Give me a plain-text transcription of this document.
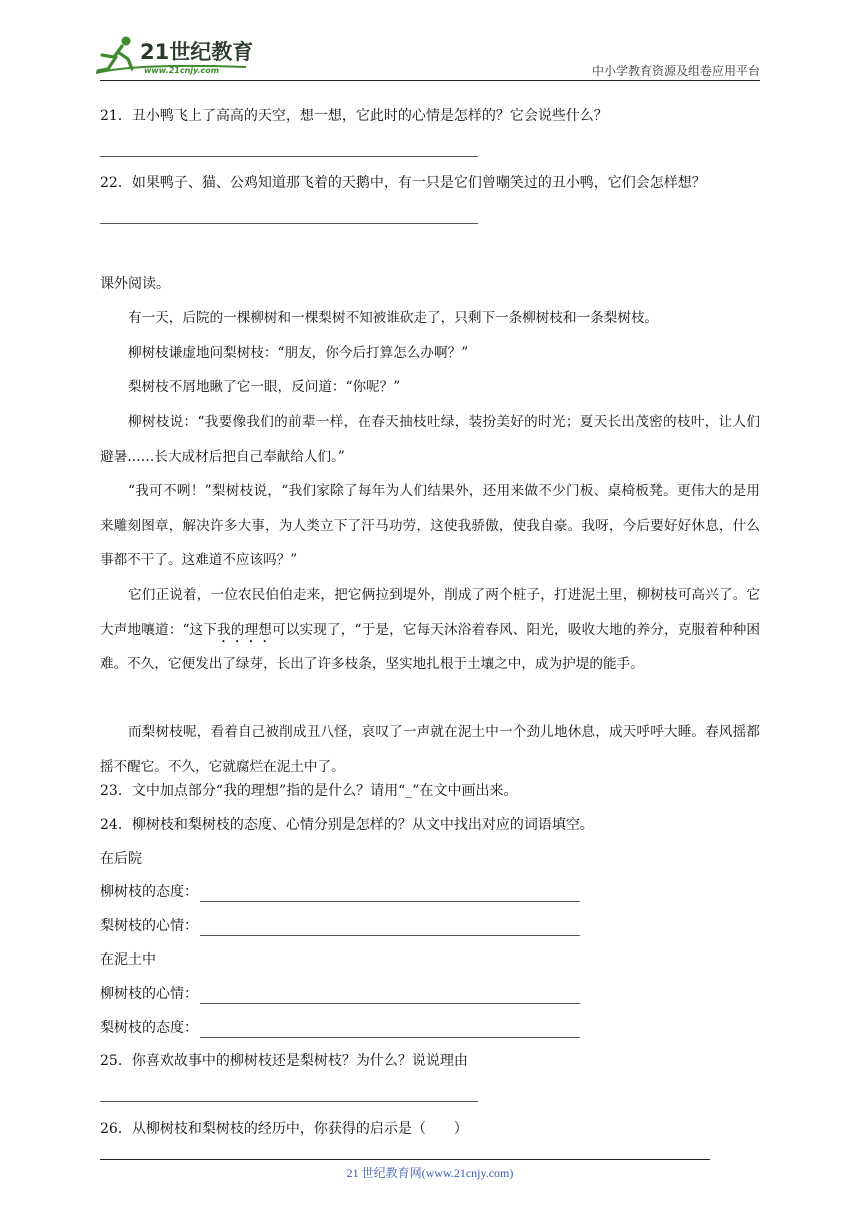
21世纪教育
www.21cnjy.com	中小学教育资源及组卷应用平台
21．丑小鸭飞上了高高的天空，想一想，它此时的心情是怎样的？它会说些什么？
22．如果鸭子、猫、公鸡知道那飞着的天鹅中，有一只是它们曾嘲笑过的丑小鸭，它们会怎样想？
课外阅读。
有一天，后院的一棵柳树和一棵梨树不知被谁砍走了，只剩下一条柳树枝和一条梨树枝。
柳树枝谦虚地问梨树枝：“朋友，你今后打算怎么办啊？”
梨树枝不屑地瞅了它一眼，反问道：“你呢？”
柳树枝说：“我要像我们的前辈一样，在春天抽枝吐绿，装扮美好的时光；夏天长出茂密的枝叶，让人们避暑……长大成材后把自己奉献给人们。”
“我可不咧！”梨树枝说，“我们家除了每年为人们结果外，还用来做不少门板、桌椅板凳。更伟大的是用来雕刻图章，解决许多大事，为人类立下了汗马功劳，这使我骄傲，使我自豪。我呀，今后要好好休息，什么事都不干了。这难道不应该吗？”
它们正说着，一位农民伯伯走来，把它俩拉到堤外，削成了两个桩子，打进泥土里，柳树枝可高兴了。它大声地嚷道：“这下我的理想可以实现了，“于是，它每天沐浴着春风、阳光，吸收大地的养分，克服着种种困难。不久，它便发出了绿芽，长出了许多枝条，坚实地扎根于土壤之中，成为护堤的能手。
而梨树枝呢，看着自己被削成丑八怪，哀叹了一声就在泥土中一个劲儿地休息，成天呼呼大睡。春风摇都摇不醒它。不久，它就腐烂在泥土中了。
23．文中加点部分“我的理想”指的是什么？请用“_”在文中画出来。
24．柳树枝和梨树枝的态度、心情分别是怎样的？从文中找出对应的词语填空。
在后院
柳树枝的态度：
梨树枝的心情：
在泥土中
柳树枝的心情：
梨树枝的态度：
25．你喜欢故事中的柳树枝还是梨树枝？为什么？说说理由
26．从柳树枝和梨树枝的经历中，你获得的启示是（　　）
21 世纪教育网(www.21cnjy.com)
